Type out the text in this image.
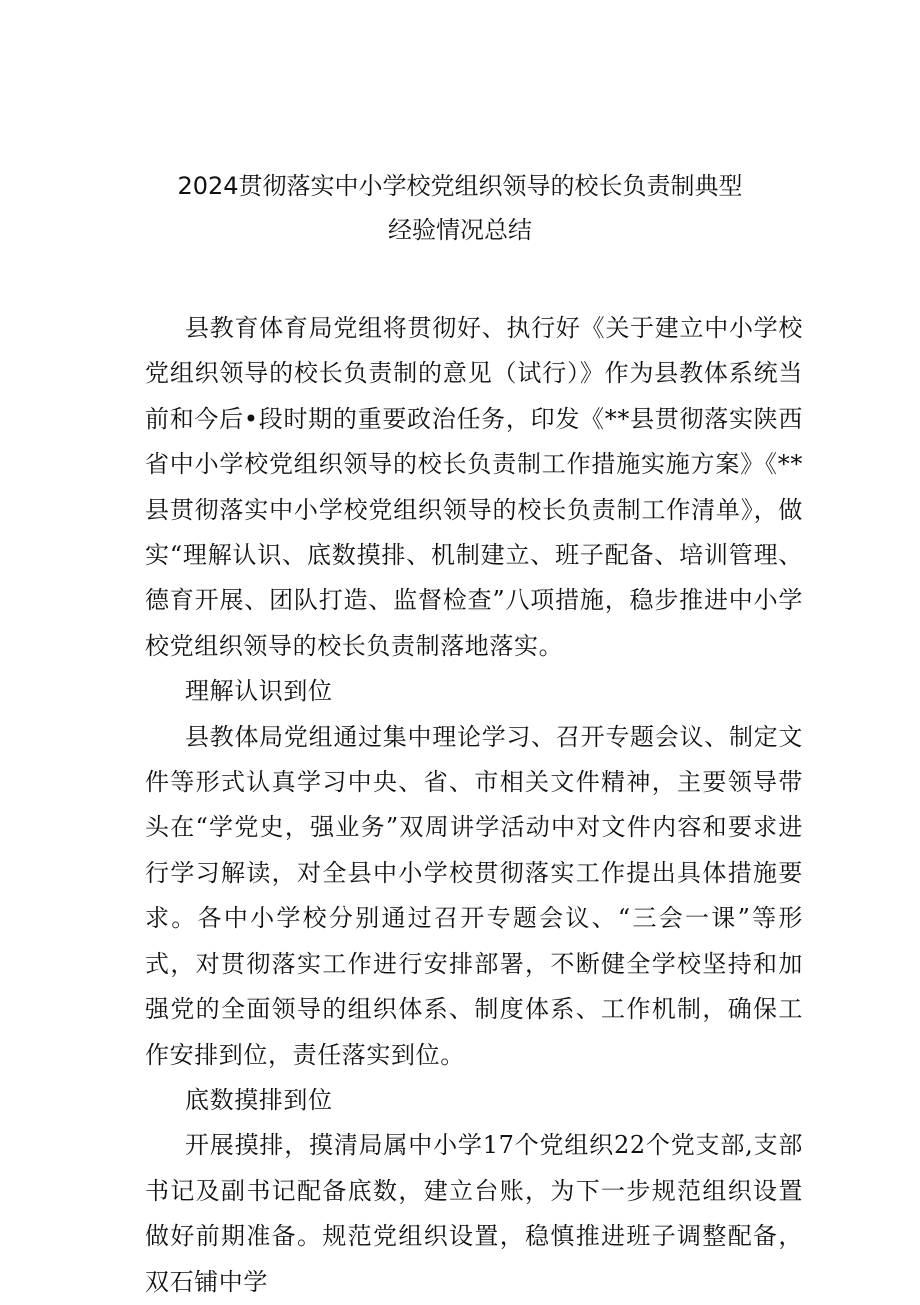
2024贯彻落实中小学校党组织领导的校长负责制典型
经验情况总结

县教育体育局党组将贯彻好、执行好《关于建立中小学校党组织领导的校长负责制的意见（试行）》作为县教体系统当前和今后•段时期的重要政治任务，印发《**县贯彻落实陕西省中小学校党组织领导的校长负责制工作措施实施方案》《**县贯彻落实中小学校党组织领导的校长负责制工作清单》，做实“理解认识、底数摸排、机制建立、班子配备、培训管理、德育开展、团队打造、监督检查”八项措施，稳步推进中小学校党组织领导的校长负责制落地落实。

理解认识到位

县教体局党组通过集中理论学习、召开专题会议、制定文件等形式认真学习中央、省、市相关文件精神，主要领导带头在“学党史，强业务”双周讲学活动中对文件内容和要求进行学习解读，对全县中小学校贯彻落实工作提出具体措施要求。各中小学校分别通过召开专题会议、“三会一课”等形式，对贯彻落实工作进行安排部署，不断健全学校坚持和加强党的全面领导的组织体系、制度体系、工作机制，确保工作安排到位，责任落实到位。

底数摸排到位

开展摸排，摸清局属中小学17个党组织22个党支部,支部书记及副书记配备底数，建立台账，为下一步规范组织设置做好前期准备。规范党组织设置，稳慎推进班子调整配备，双石铺中学
